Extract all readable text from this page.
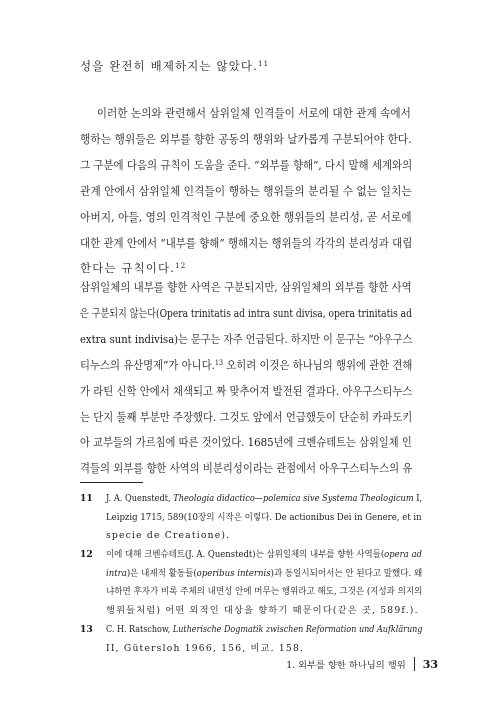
성을 완전히 배제하지는 않았다.$^{11}$
이러한 논의와 관련해서 삼위일체 인격들이 서로에 대한 관계 속에서
행하는 행위들은 외부를 향한 공동의 행위와 날카롭게 구분되어야 한다.
그 구분에 다음의 규칙이 도움을 준다. “외부를 향해”, 다시 말해 세계와의
관계 안에서 삼위일체 인격들이 행하는 행위들의 분리될 수 없는 일치는
아버지, 아들, 영의 인격적인 구분에 중요한 행위들의 분리성, 곧 서로에
대한 관계 안에서 “내부를 향해” 행해지는 행위들의 각각의 분리성과 대립
한다는 규칙이다.$^{12}$
삼위일체의 내부를 향한 사역은 구분되지만, 삼위일체의 외부를 향한 사역
은 구분되지 않는다(Opera trinitatis ad intra sunt divisa, opera trinitatis ad
extra sunt indivisa)는 문구는 자주 언급된다. 하지만 이 문구는 “아우구스
티누스의 유산명제”가 아니다.$^{13}$ 오히려 이것은 하나님의 행위에 관한 견해
가 라틴 신학 안에서 채색되고 짜 맞추어져 발전된 결과다. 아우구스티누스
는 단지 둘째 부분만 주장했다. 그것도 앞에서 언급했듯이 단순히 카파도키
아 교부들의 가르침에 따른 것이었다. 1685년에 크벤슈테트는 삼위일체 인
격들의 외부를 향한 사역의 비분리성이라는 관점에서 아우구스티누스의 유
11 J. A. Quenstedt, Theologia didactico—polemica sive Systema Theologicum I,
Leipzig 1715, 589(10장의 시작은 이렇다. De actionibus Dei in Genere, et in
specie de Creatione).
12 이에 대해 크벤슈테트(J. A. Quenstedt)는 삼위일체의 내부를 향한 사역들(opera ad
intra)은 내재적 활동들(operibus internis)과 동일시되어서는 안 된다고 말했다. 왜
냐하면 후자가 비록 주체의 내면성 안에 머무는 행위라고 해도, 그것은 (지성과 의지의
행위들처럼) 어떤 외적인 대상을 향하기 때문이다(같은 곳, 589f.).
13 C. H. Ratschow, Lutherische Dogmatik zwischen Reformation und Aufklärung
II, Gütersloh 1966, 156, 비교. 158.
1. 외부를 향한 하나님의 행위 33
